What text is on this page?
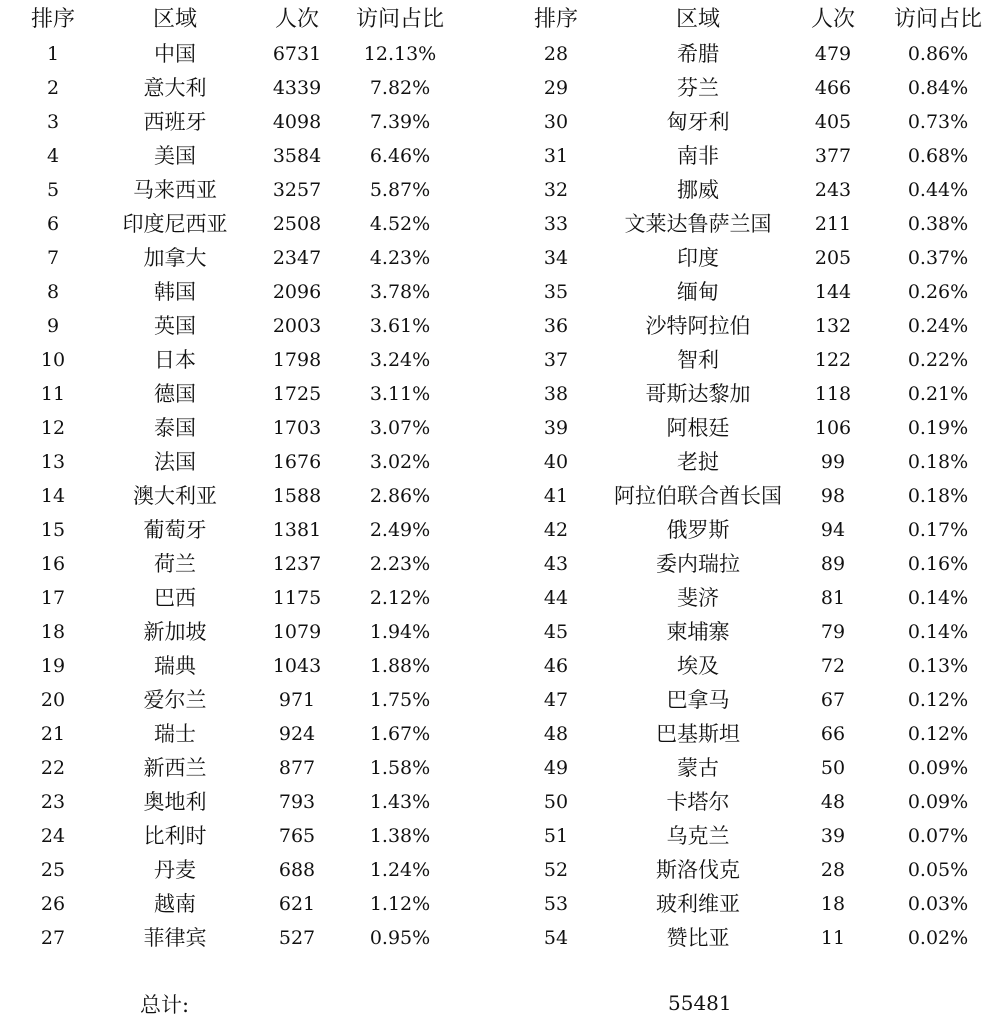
排序	区域	人次	访问占比
1	中国	6731	12.13%
2	意大利	4339	7.82%
3	西班牙	4098	7.39%
4	美国	3584	6.46%
5	马来西亚	3257	5.87%
6	印度尼西亚	2508	4.52%
7	加拿大	2347	4.23%
8	韩国	2096	3.78%
9	英国	2003	3.61%
10	日本	1798	3.24%
11	德国	1725	3.11%
12	泰国	1703	3.07%
13	法国	1676	3.02%
14	澳大利亚	1588	2.86%
15	葡萄牙	1381	2.49%
16	荷兰	1237	2.23%
17	巴西	1175	2.12%
18	新加坡	1079	1.94%
19	瑞典	1043	1.88%
20	爱尔兰	971	1.75%
21	瑞士	924	1.67%
22	新西兰	877	1.58%
23	奥地利	793	1.43%
24	比利时	765	1.38%
25	丹麦	688	1.24%
26	越南	621	1.12%
27	菲律宾	527	0.95%
排序	区域	人次	访问占比
28	希腊	479	0.86%
29	芬兰	466	0.84%
30	匈牙利	405	0.73%
31	南非	377	0.68%
32	挪威	243	0.44%
33	文莱达鲁萨兰国	211	0.38%
34	印度	205	0.37%
35	缅甸	144	0.26%
36	沙特阿拉伯	132	0.24%
37	智利	122	0.22%
38	哥斯达黎加	118	0.21%
39	阿根廷	106	0.19%
40	老挝	99	0.18%
41	阿拉伯联合酋长国	98	0.18%
42	俄罗斯	94	0.17%
43	委内瑞拉	89	0.16%
44	斐济	81	0.14%
45	柬埔寨	79	0.14%
46	埃及	72	0.13%
47	巴拿马	67	0.12%
48	巴基斯坦	66	0.12%
49	蒙古	50	0.09%
50	卡塔尔	48	0.09%
51	乌克兰	39	0.07%
52	斯洛伐克	28	0.05%
53	玻利维亚	18	0.03%
54	赞比亚	11	0.02%
总计:	55481
